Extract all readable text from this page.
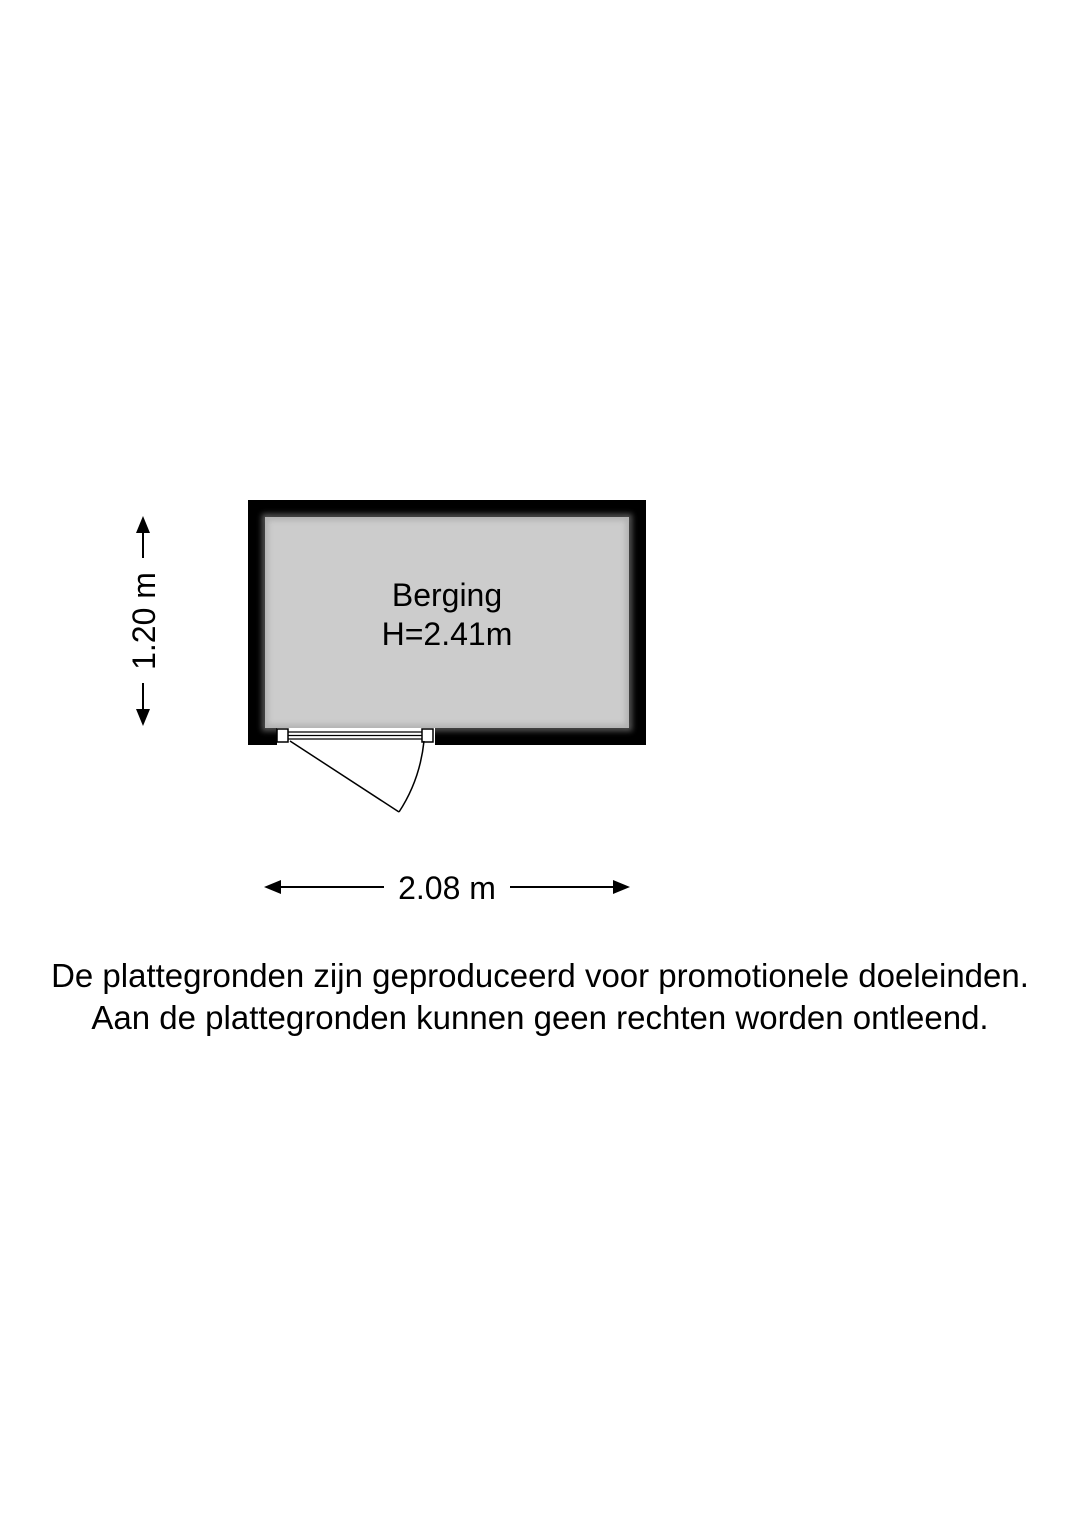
Berging
H=2.41m
2.08 m
1.20 m
De plattegronden zijn geproduceerd voor promotionele doeleinden.
Aan de plattegronden kunnen geen rechten worden ontleend.
